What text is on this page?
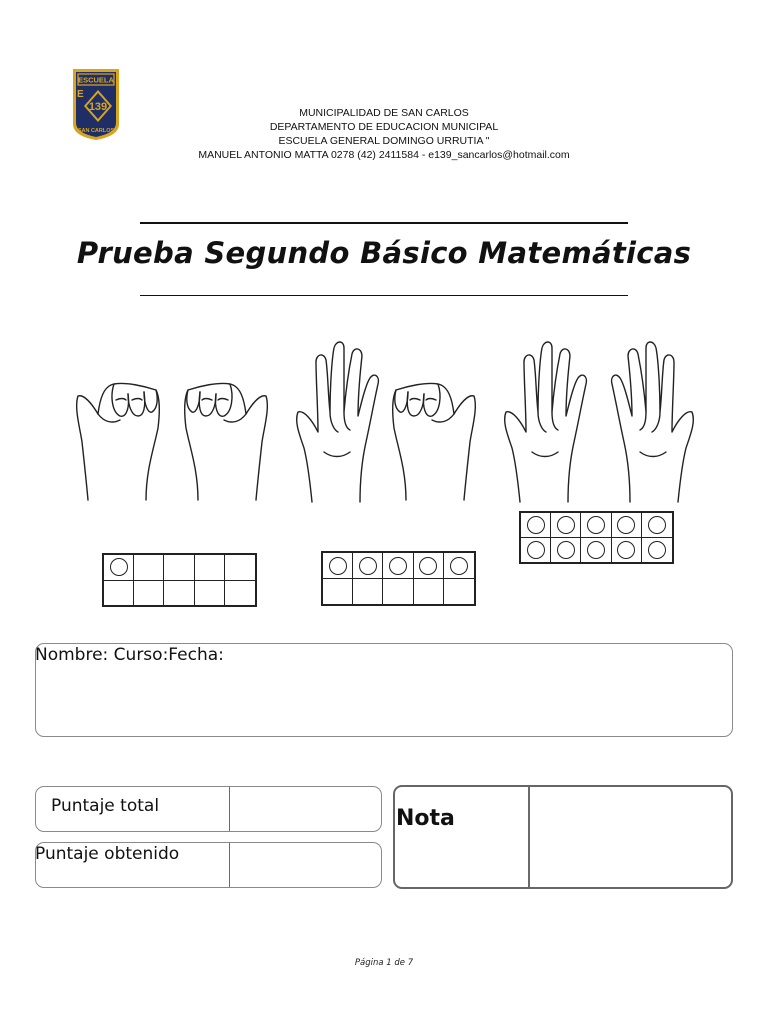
ESCUELA
E
139
SAN CARLOS
MUNICIPALIDAD DE SAN CARLOS
DEPARTAMENTO DE EDUCACION MUNICIPAL
ESCUELA GENERAL DOMINGO URRUTIA "
MANUEL ANTONIO MATTA 0278 (42) 2411584 - e139_sancarlos@hotmail.com
Prueba Segundo Básico Matemáticas
Nombre: Curso:Fecha:
Puntaje total
Puntaje obtenido
Nota
Página 1 de 7
